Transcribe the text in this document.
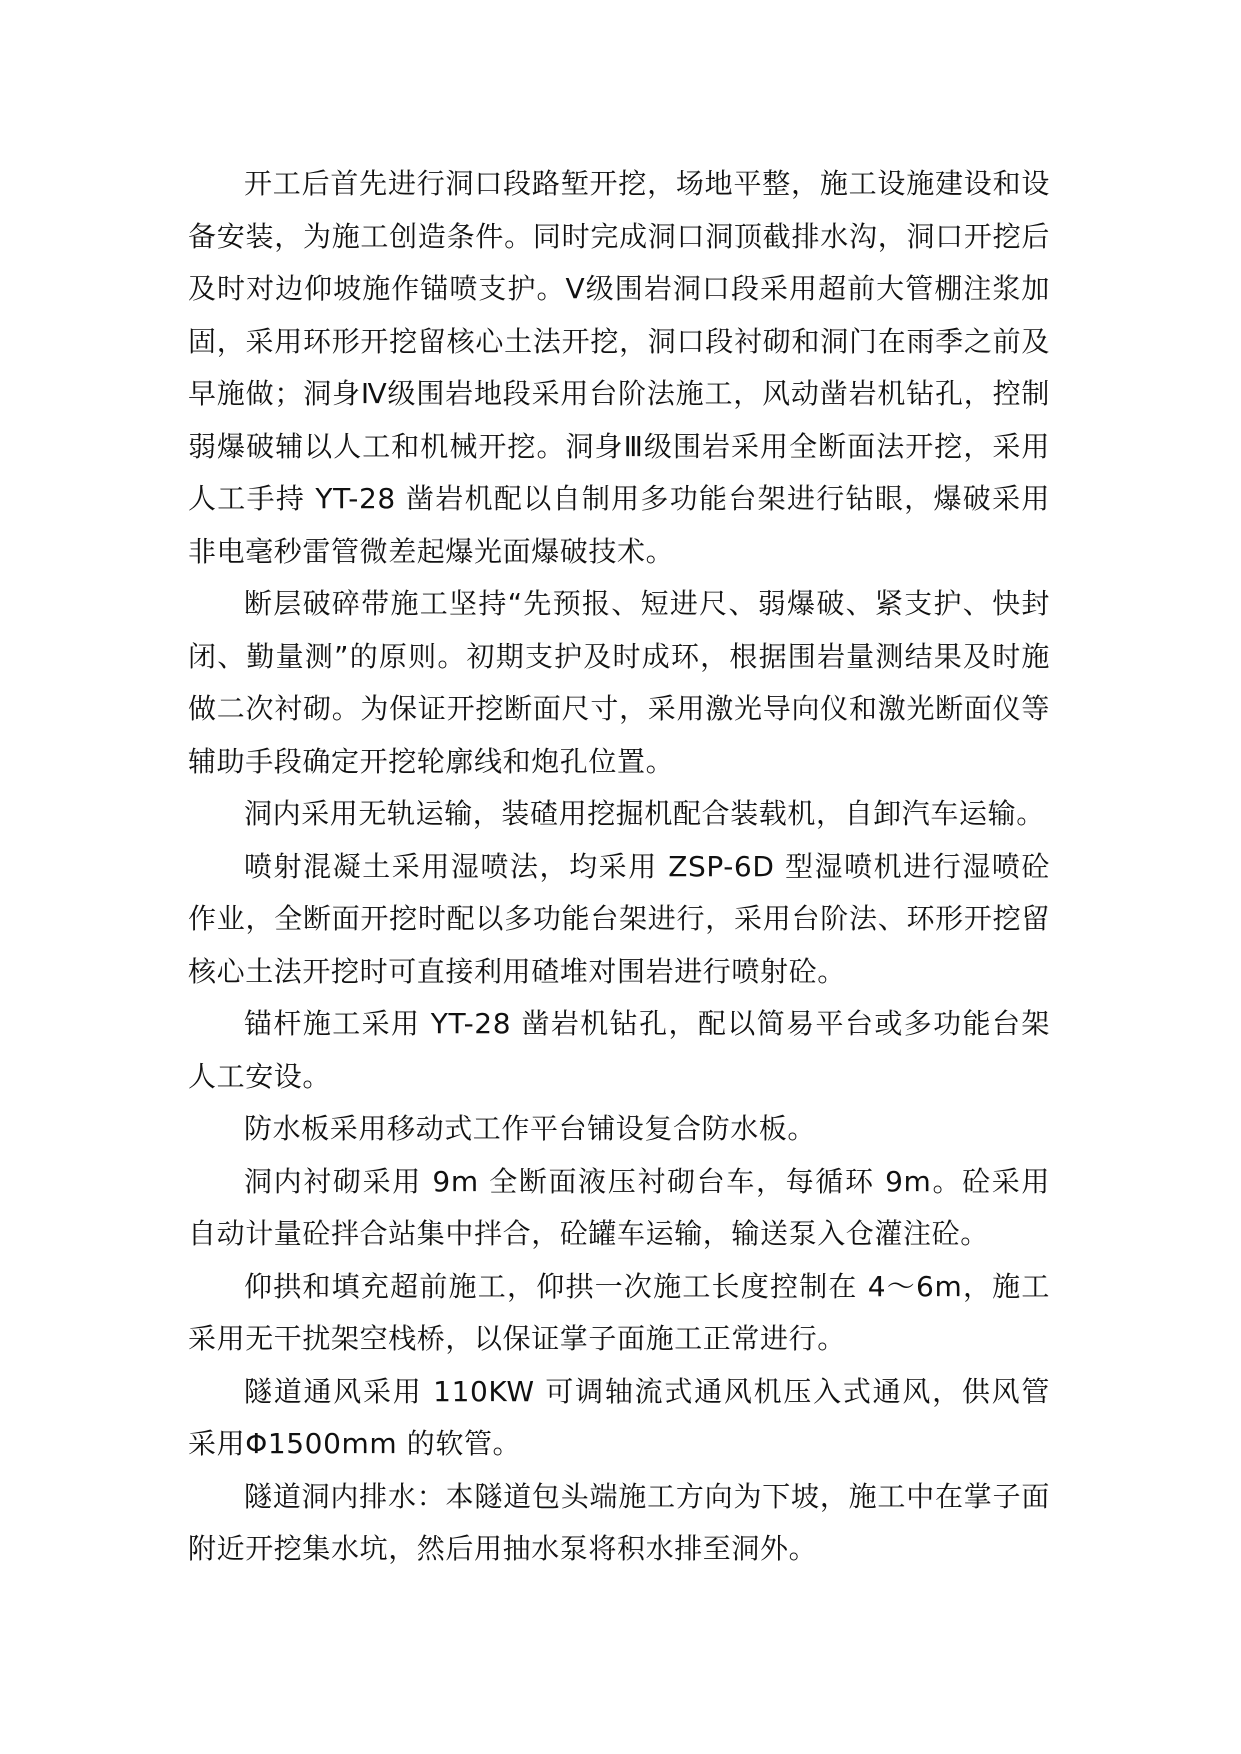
开工后首先进行洞口段路堑开挖，场地平整，施工设施建设和设备安装，为施工创造条件。同时完成洞口洞顶截排水沟，洞口开挖后及时对边仰坡施作锚喷支护。Ⅴ级围岩洞口段采用超前大管棚注浆加固，采用环形开挖留核心土法开挖，洞口段衬砌和洞门在雨季之前及早施做；洞身Ⅳ级围岩地段采用台阶法施工，风动凿岩机钻孔，控制弱爆破辅以人工和机械开挖。洞身Ⅲ级围岩采用全断面法开挖，采用人工手持 YT-28 凿岩机配以自制用多功能台架进行钻眼，爆破采用非电毫秒雷管微差起爆光面爆破技术。

断层破碎带施工坚持“先预报、短进尺、弱爆破、紧支护、快封闭、勤量测”的原则。初期支护及时成环，根据围岩量测结果及时施做二次衬砌。为保证开挖断面尺寸，采用激光导向仪和激光断面仪等辅助手段确定开挖轮廓线和炮孔位置。

洞内采用无轨运输，装碴用挖掘机配合装载机，自卸汽车运输。

喷射混凝土采用湿喷法，均采用 ZSP-6D 型湿喷机进行湿喷砼作业，全断面开挖时配以多功能台架进行，采用台阶法、环形开挖留核心土法开挖时可直接利用碴堆对围岩进行喷射砼。

锚杆施工采用 YT-28 凿岩机钻孔，配以简易平台或多功能台架人工安设。

防水板采用移动式工作平台铺设复合防水板。

洞内衬砌采用 9m 全断面液压衬砌台车，每循环 9m。砼采用自动计量砼拌合站集中拌合，砼罐车运输，输送泵入仓灌注砼。

仰拱和填充超前施工，仰拱一次施工长度控制在 4～6m，施工采用无干扰架空栈桥，以保证掌子面施工正常进行。

隧道通风采用 110KW 可调轴流式通风机压入式通风，供风管采用Φ1500mm 的软管。

隧道洞内排水：本隧道包头端施工方向为下坡，施工中在掌子面附近开挖集水坑，然后用抽水泵将积水排至洞外。
